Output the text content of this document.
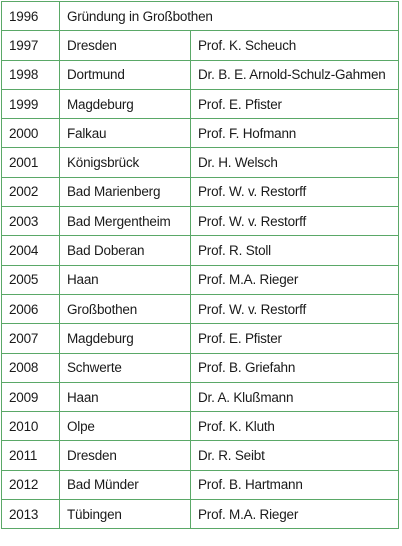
1996	Gründung in Großbothen	
1997	Dresden	Prof. K. Scheuch
1998	Dortmund	Dr. B. E. Arnold-Schulz-Gahmen
1999	Magdeburg	Prof. E. Pfister
2000	Falkau	Prof. F. Hofmann
2001	Königsbrück	Dr. H. Welsch
2002	Bad Marienberg	Prof. W. v. Restorff
2003	Bad Mergentheim	Prof. W. v. Restorff
2004	Bad Doberan	Prof. R. Stoll
2005	Haan	Prof. M.A. Rieger
2006	Großbothen	Prof. W. v. Restorff
2007	Magdeburg	Prof. E. Pfister
2008	Schwerte	Prof. B. Griefahn
2009	Haan	Dr. A. Klußmann
2010	Olpe	Prof. K. Kluth
2011	Dresden	Dr. R. Seibt
2012	Bad Münder	Prof. B. Hartmann
2013	Tübingen	Prof. M.A. Rieger
